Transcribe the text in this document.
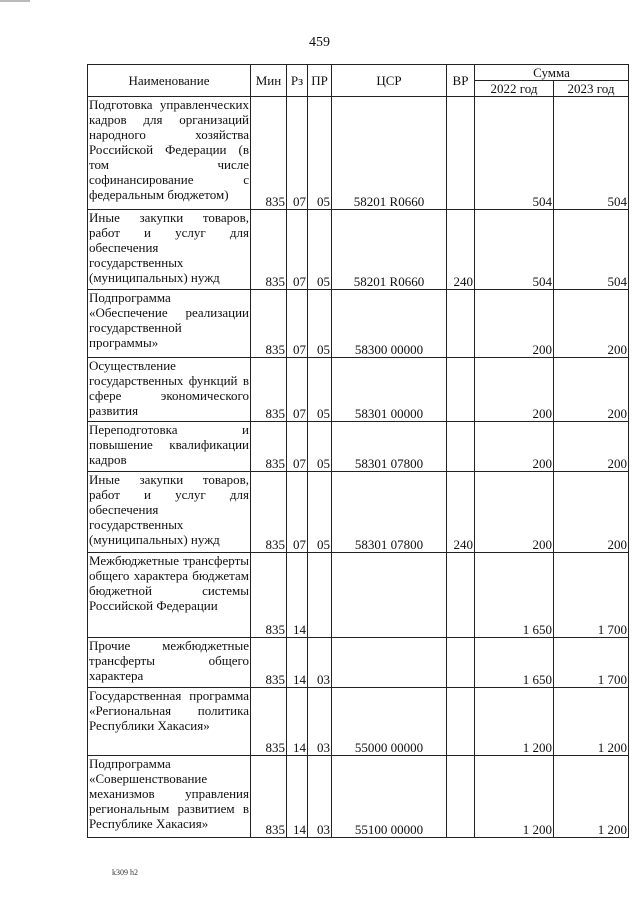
459
Наименование	Мин	Рз	ПР	ЦСР	ВР	Сумма	
						2022 год	2023 год
Подготовка управленческих кадров для организаций народного хозяйства Российской Федерации (в том числе софинансирование с федеральным бюджетом)	835	07	05	58201 R0660		504	504
Иные закупки товаров, работ и услуг для обеспечения государственных (муниципальных) нужд	835	07	05	58201 R0660	240	504	504
Подпрограмма «Обеспечение реализации государственной программы»	835	07	05	58300 00000		200	200
Осуществление государственных функций в сфере экономического развития	835	07	05	58301 00000		200	200
Переподготовка и повышение квалификации кадров	835	07	05	58301 07800		200	200
Иные закупки товаров, работ и услуг для обеспечения государственных (муниципальных) нужд	835	07	05	58301 07800	240	200	200
Межбюджетные трансферты общего характера бюджетам бюджетной системы Российской Федерации	835	14				1 650	1 700
Прочие межбюджетные трансферты общего характера	835	14	03			1 650	1 700
Государственная программа «Региональная политика Республики Хакасия»	835	14	03	55000 00000		1 200	1 200
Подпрограмма «Совершенствование механизмов управления региональным развитием в Республике Хакасия»	835	14	03	55100 00000		1 200	1 200
k309 h2
